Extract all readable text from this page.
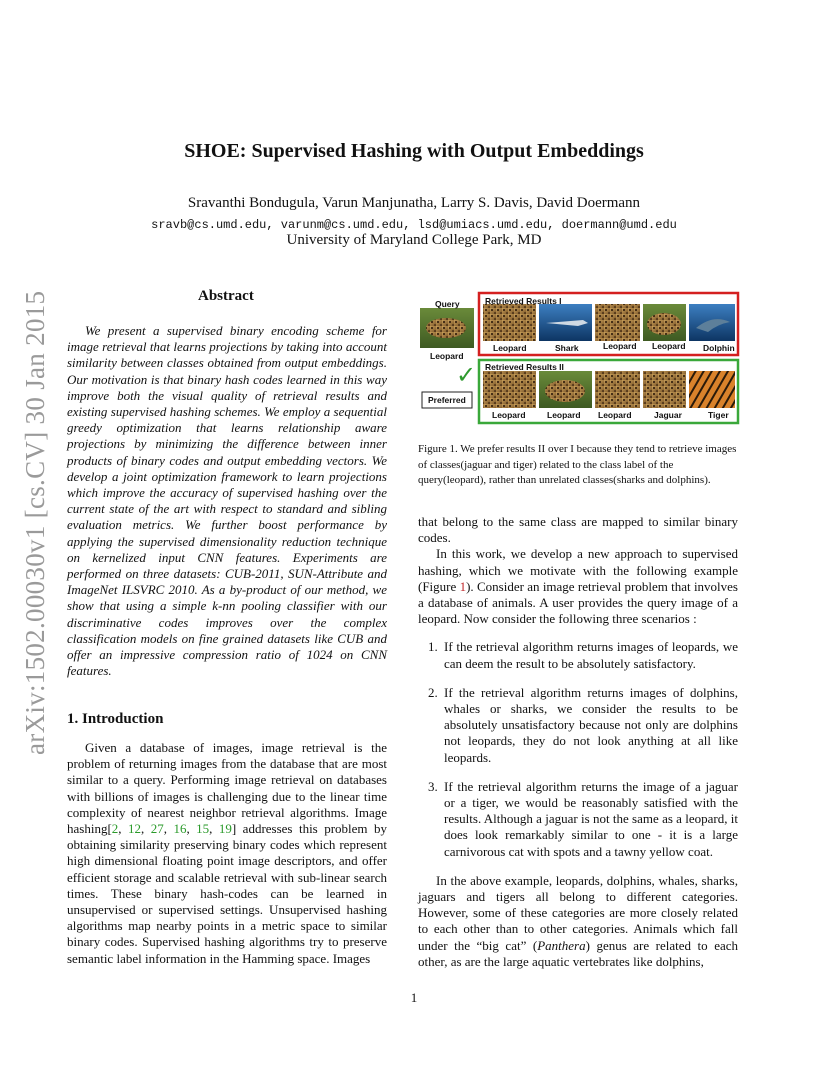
arXiv:1502.00030v1 [cs.CV] 30 Jan 2015
SHOE: Supervised Hashing with Output Embeddings
Sravanthi Bondugula, Varun Manjunatha, Larry S. Davis, David Doermann
sravb@cs.umd.edu, varunm@cs.umd.edu, lsd@umiacs.umd.edu, doermann@umd.edu
University of Maryland College Park, MD
Abstract
We present a supervised binary encoding scheme for image retrieval that learns projections by taking into account similarity between classes obtained from output embeddings. Our motivation is that binary hash codes learned in this way improve both the visual quality of retrieval results and existing supervised hashing schemes. We employ a sequential greedy optimization that learns relationship aware projections by minimizing the difference between inner products of binary codes and output embedding vectors. We develop a joint optimization framework to learn projections which improve the accuracy of supervised hashing over the current state of the art with respect to standard and sibling evaluation metrics. We further boost performance by applying the supervised dimensionality reduction technique on kernelized input CNN features. Experiments are performed on three datasets: CUB-2011, SUN-Attribute and ImageNet ILSVRC 2010. As a by-product of our method, we show that using a simple k-nn pooling classifier with our discriminative codes improves over the complex classification models on fine grained datasets like CUB and offer an impressive compression ratio of 1024 on CNN features.
1. Introduction
Given a database of images, image retrieval is the problem of returning images from the database that are most similar to a query. Performing image retrieval on databases with billions of images is challenging due to the linear time complexity of nearest neighbor retrieval algorithms. Image hashing[2, 12, 27, 16, 15, 19] addresses this problem by obtaining similarity preserving binary codes which represent high dimensional floating point image descriptors, and offer efficient storage and scalable retrieval with sub-linear search times. These binary hash-codes can be learned in unsupervised or supervised settings. Unsupervised hashing algorithms map nearby points in a metric space to similar binary codes. Supervised hashing algorithms try to preserve semantic label information in the Hamming space. Images
Query
Leopard
Preferred
✓
Retrieved Results I
Leopard	Shark	Leopard Leopard Dolphin
Retrieved Results II
Leopard	Leopard Leopard	Jaguar	Tiger
Figure 1. We prefer results II over I because they tend to retrieve images of classes(jaguar and tiger) related to the class label of the query(leopard), rather than unrelated classes(sharks and dolphins).

that belong to the same class are mapped to similar binary codes.

In this work, we develop a new approach to supervised hashing, which we motivate with the following example (Figure 1). Consider an image retrieval problem that involves a database of animals. A user provides the query image of a leopard. Now consider the following three scenarios :

1. If the retrieval algorithm returns images of leopards, we can deem the result to be absolutely satisfactory.
2. If the retrieval algorithm returns images of dolphins, whales or sharks, we consider the results to be absolutely unsatisfactory because not only are dolphins not leopards, they do not look anything at all like leopards.
3. If the retrieval algorithm returns the image of a jaguar or a tiger, we would be reasonably satisfied with the results. Although a jaguar is not the same as a leopard, it does look remarkably similar to one - it is a large carnivorous cat with spots and a tawny yellow coat.

In the above example, leopards, dolphins, whales, sharks, jaguars and tigers all belong to different categories. However, some of these categories are more closely related to each other than to other categories. Animals which fall under the “big cat” (Panthera) genus are related to each other, as are the large aquatic vertebrates like dolphins,

1
